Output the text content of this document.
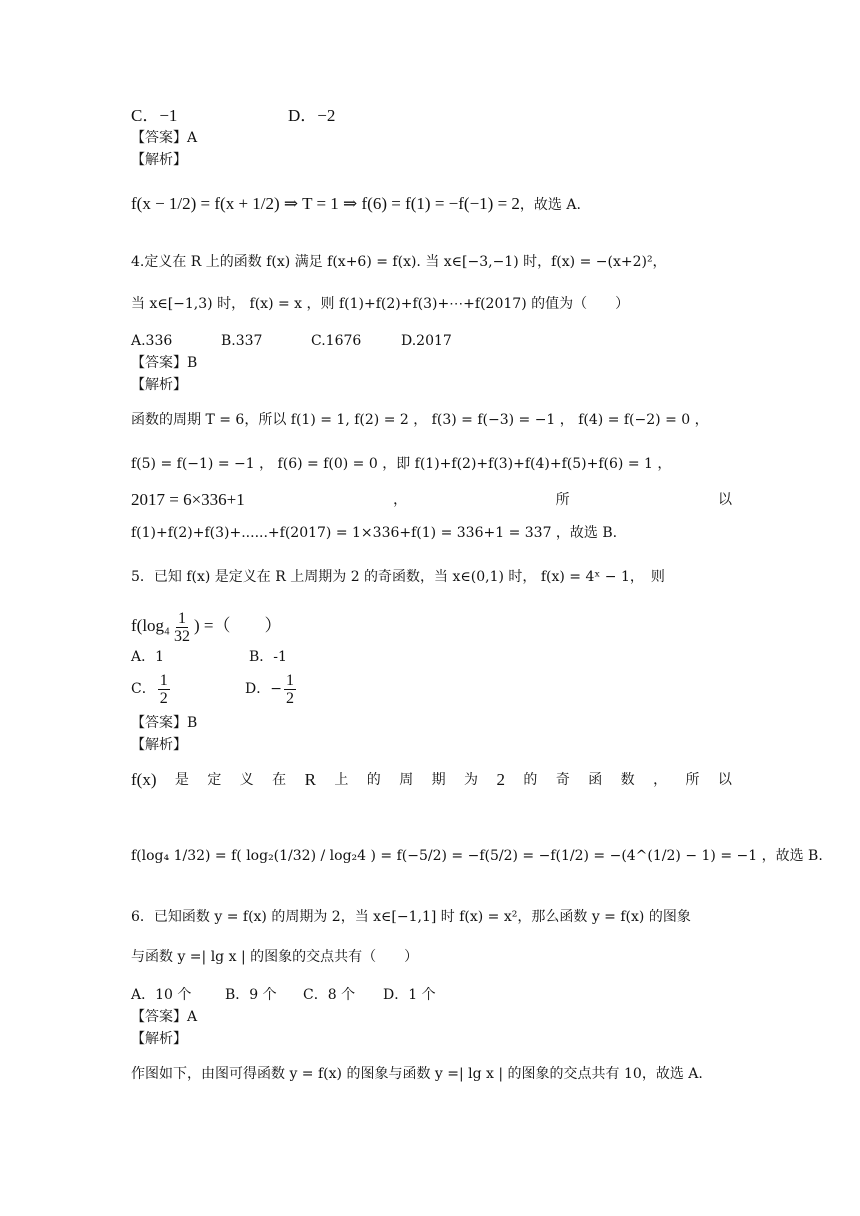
C．−1	D．−2
【答案】A
【解析】
f(x − 1/2) = f(x + 1/2) ⇒ T = 1 ⇒ f(6) = f(1) = −f(−1) = 2，故选 A.
4.定义在 R 上的函数 f(x) 满足 f(x+6) = f(x). 当 x∈[−3,−1) 时，f(x) = −(x+2)²，
当 x∈[−1,3) 时， f(x) = x ，则 f(1)+f(2)+f(3)+⋯+f(2017) 的值为（　　）
A.336	B.337	C.1676	D.2017
【答案】B
【解析】
函数的周期 T = 6，所以 f(1) = 1, f(2) = 2 ， f(3) = f(−3) = −1 ， f(4) = f(−2) = 0 ，
f(5) = f(−1) = −1 ， f(6) = f(0) = 0 ，即 f(1)+f(2)+f(3)+f(4)+f(5)+f(6) = 1 ，
2017 = 6×336+1	，	所	以
f(1)+f(2)+f(3)+......+f(2017) = 1×336+f(1) = 336+1 = 337 ，故选 B.
5．已知 f(x) 是定义在 R 上周期为 2 的奇函数，当 x∈(0,1) 时， f(x) = 4ˣ − 1，　则
$f(\log_4 \frac{1}{32}$ ) =（　　）
A．1	B．-1
C． $\frac{1}{2}$	D．− $\frac{1}{2}$
【答案】B
【解析】
f(x) 是 定 义 在 R 上 的 周 期 为 2 的 奇 函 数 ， 所 以
f(log₄ 1/32) = f( log₂(1/32) / log₂4 ) = f(−5/2) = −f(5/2) = −f(1/2) = −(4^(1/2) − 1) = −1 ，故选 B.
6．已知函数 y = f(x) 的周期为 2，当 x∈[−1,1] 时 f(x) = x²，那么函数 y = f(x) 的图象
与函数 y =| lg x | 的图象的交点共有（　　）
A．10 个 B．9 个 C．8 个 D．1 个
【答案】A
【解析】
作图如下，由图可得函数 y = f(x) 的图象与函数 y =| lg x | 的图象的交点共有 10，故选 A.
